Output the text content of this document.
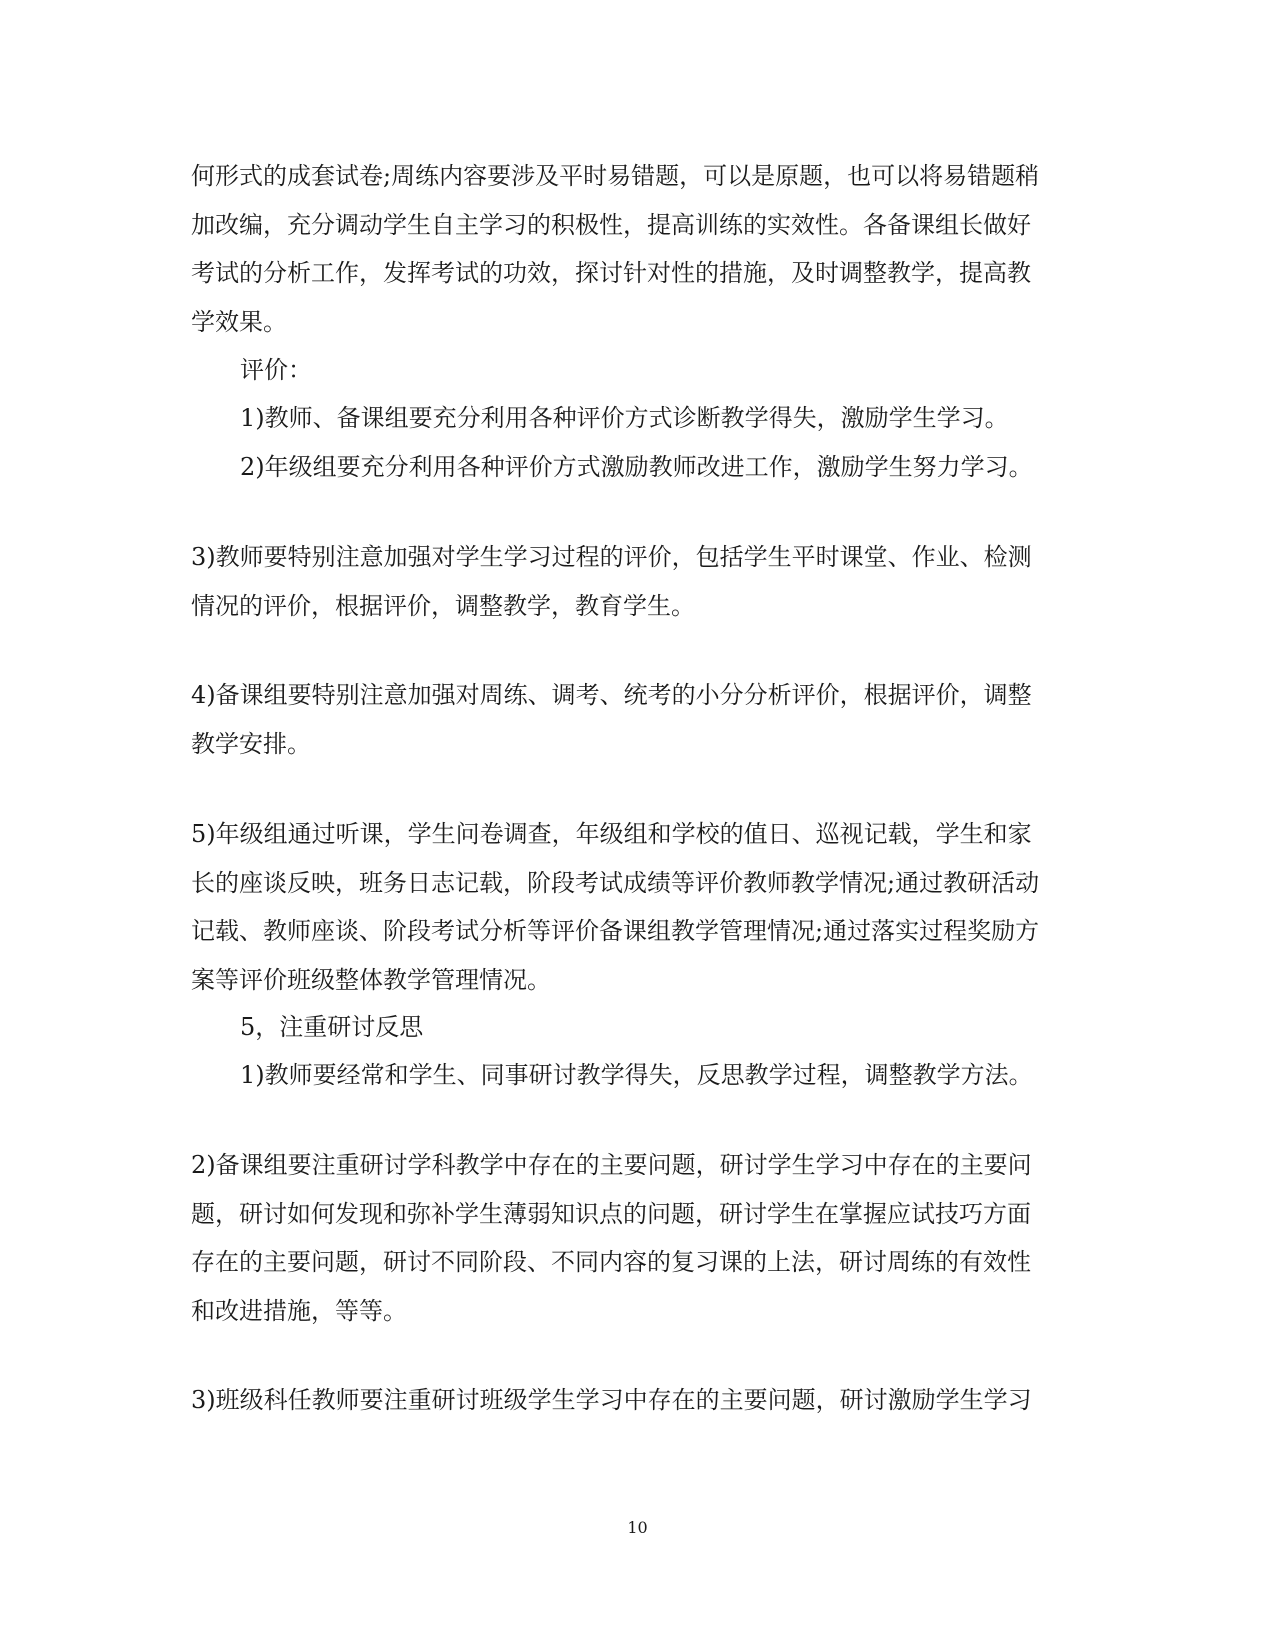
何形式的成套试卷;周练内容要涉及平时易错题，可以是原题，也可以将易错题稍
加改编，充分调动学生自主学习的积极性，提高训练的实效性。各备课组长做好
考试的分析工作，发挥考试的功效，探讨针对性的措施，及时调整教学，提高教
学效果。
评价：
1)教师、备课组要充分利用各种评价方式诊断教学得失，激励学生学习。
2)年级组要充分利用各种评价方式激励教师改进工作，激励学生努力学习。
3)教师要特别注意加强对学生学习过程的评价，包括学生平时课堂、作业、检测
情况的评价，根据评价，调整教学，教育学生。
4)备课组要特别注意加强对周练、调考、统考的小分分析评价，根据评价，调整
教学安排。
5)年级组通过听课，学生问卷调查，年级组和学校的值日、巡视记载，学生和家
长的座谈反映，班务日志记载，阶段考试成绩等评价教师教学情况;通过教研活动
记载、教师座谈、阶段考试分析等评价备课组教学管理情况;通过落实过程奖励方
案等评价班级整体教学管理情况。
5，注重研讨反思
1)教师要经常和学生、同事研讨教学得失，反思教学过程，调整教学方法。
2)备课组要注重研讨学科教学中存在的主要问题，研讨学生学习中存在的主要问
题，研讨如何发现和弥补学生薄弱知识点的问题，研讨学生在掌握应试技巧方面
存在的主要问题，研讨不同阶段、不同内容的复习课的上法，研讨周练的有效性
和改进措施，等等。
3)班级科任教师要注重研讨班级学生学习中存在的主要问题，研讨激励学生学习
10
